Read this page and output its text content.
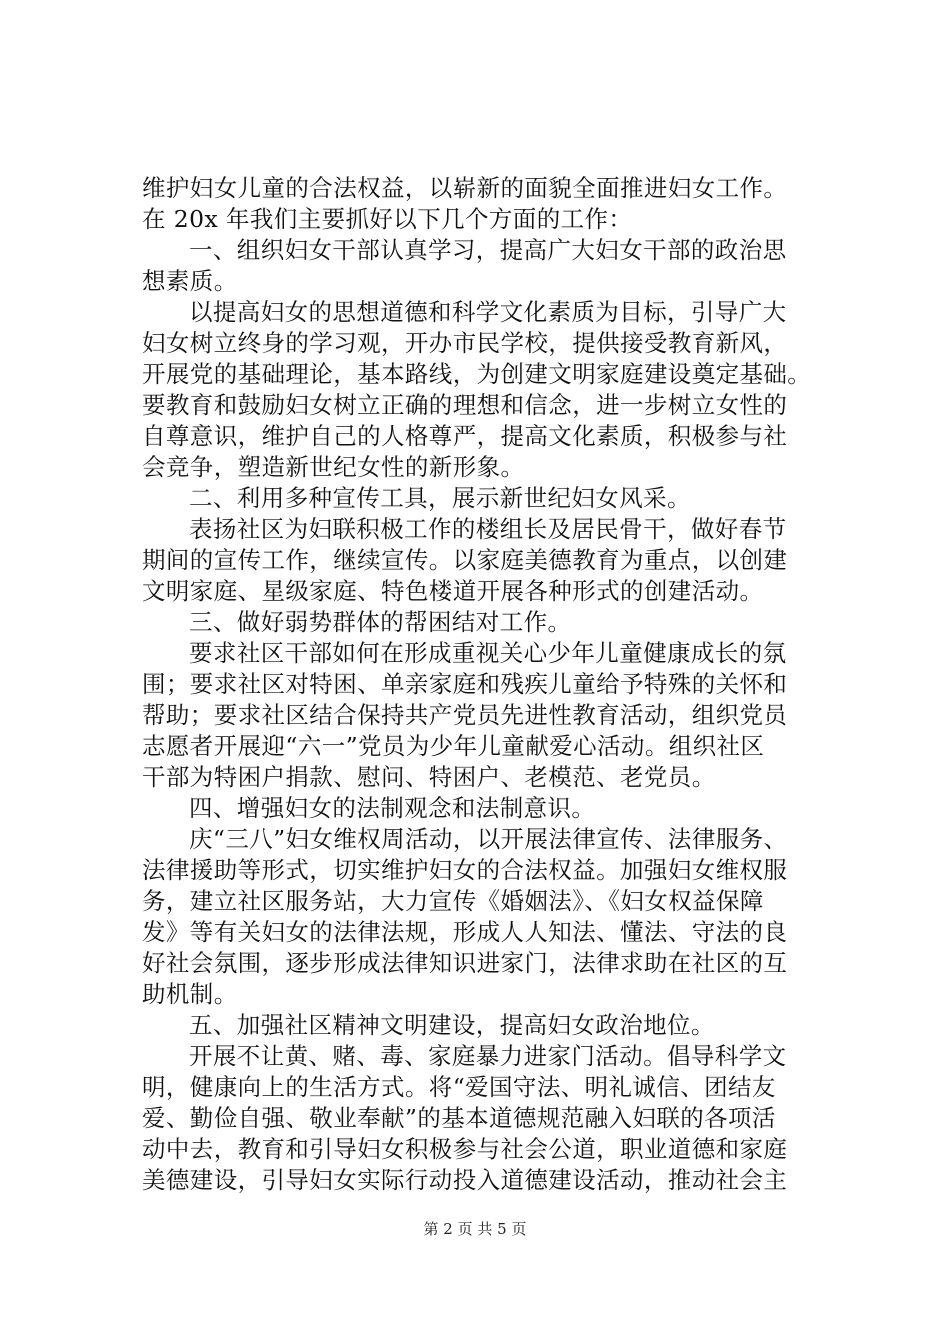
维护妇女儿童的合法权益，以崭新的面貌全面推进妇女工作。
在 20x 年我们主要抓好以下几个方面的工作：
一、组织妇女干部认真学习，提高广大妇女干部的政治思
想素质。
以提高妇女的思想道德和科学文化素质为目标，引导广大
妇女树立终身的学习观，开办市民学校，提供接受教育新风，
开展党的基础理论，基本路线，为创建文明家庭建设奠定基础。
要教育和鼓励妇女树立正确的理想和信念，进一步树立女性的
自尊意识，维护自己的人格尊严，提高文化素质，积极参与社
会竞争，塑造新世纪女性的新形象。
二、利用多种宣传工具，展示新世纪妇女风采。
表扬社区为妇联积极工作的楼组长及居民骨干，做好春节
期间的宣传工作，继续宣传。以家庭美德教育为重点，以创建
文明家庭、星级家庭、特色楼道开展各种形式的创建活动。
三、做好弱势群体的帮困结对工作。
要求社区干部如何在形成重视关心少年儿童健康成长的氛
围；要求社区对特困、单亲家庭和残疾儿童给予特殊的关怀和
帮助；要求社区结合保持共产党员先进性教育活动，组织党员
志愿者开展迎“六一”党员为少年儿童献爱心活动。组织社区
干部为特困户捐款、慰问、特困户、老模范、老党员。
四、增强妇女的法制观念和法制意识。
庆“三八”妇女维权周活动，以开展法律宣传、法律服务、
法律援助等形式，切实维护妇女的合法权益。加强妇女维权服
务，建立社区服务站，大力宣传《婚姻法》、《妇女权益保障
发》等有关妇女的法律法规，形成人人知法、懂法、守法的良
好社会氛围，逐步形成法律知识进家门，法律求助在社区的互
助机制。
五、加强社区精神文明建设，提高妇女政治地位。
开展不让黄、赌、毒、家庭暴力进家门活动。倡导科学文
明，健康向上的生活方式。将“爱国守法、明礼诚信、团结友
爱、勤俭自强、敬业奉献”的基本道德规范融入妇联的各项活
动中去，教育和引导妇女积极参与社会公道，职业道德和家庭
美德建设，引导妇女实际行动投入道德建设活动，推动社会主
第 2 页 共 5 页
